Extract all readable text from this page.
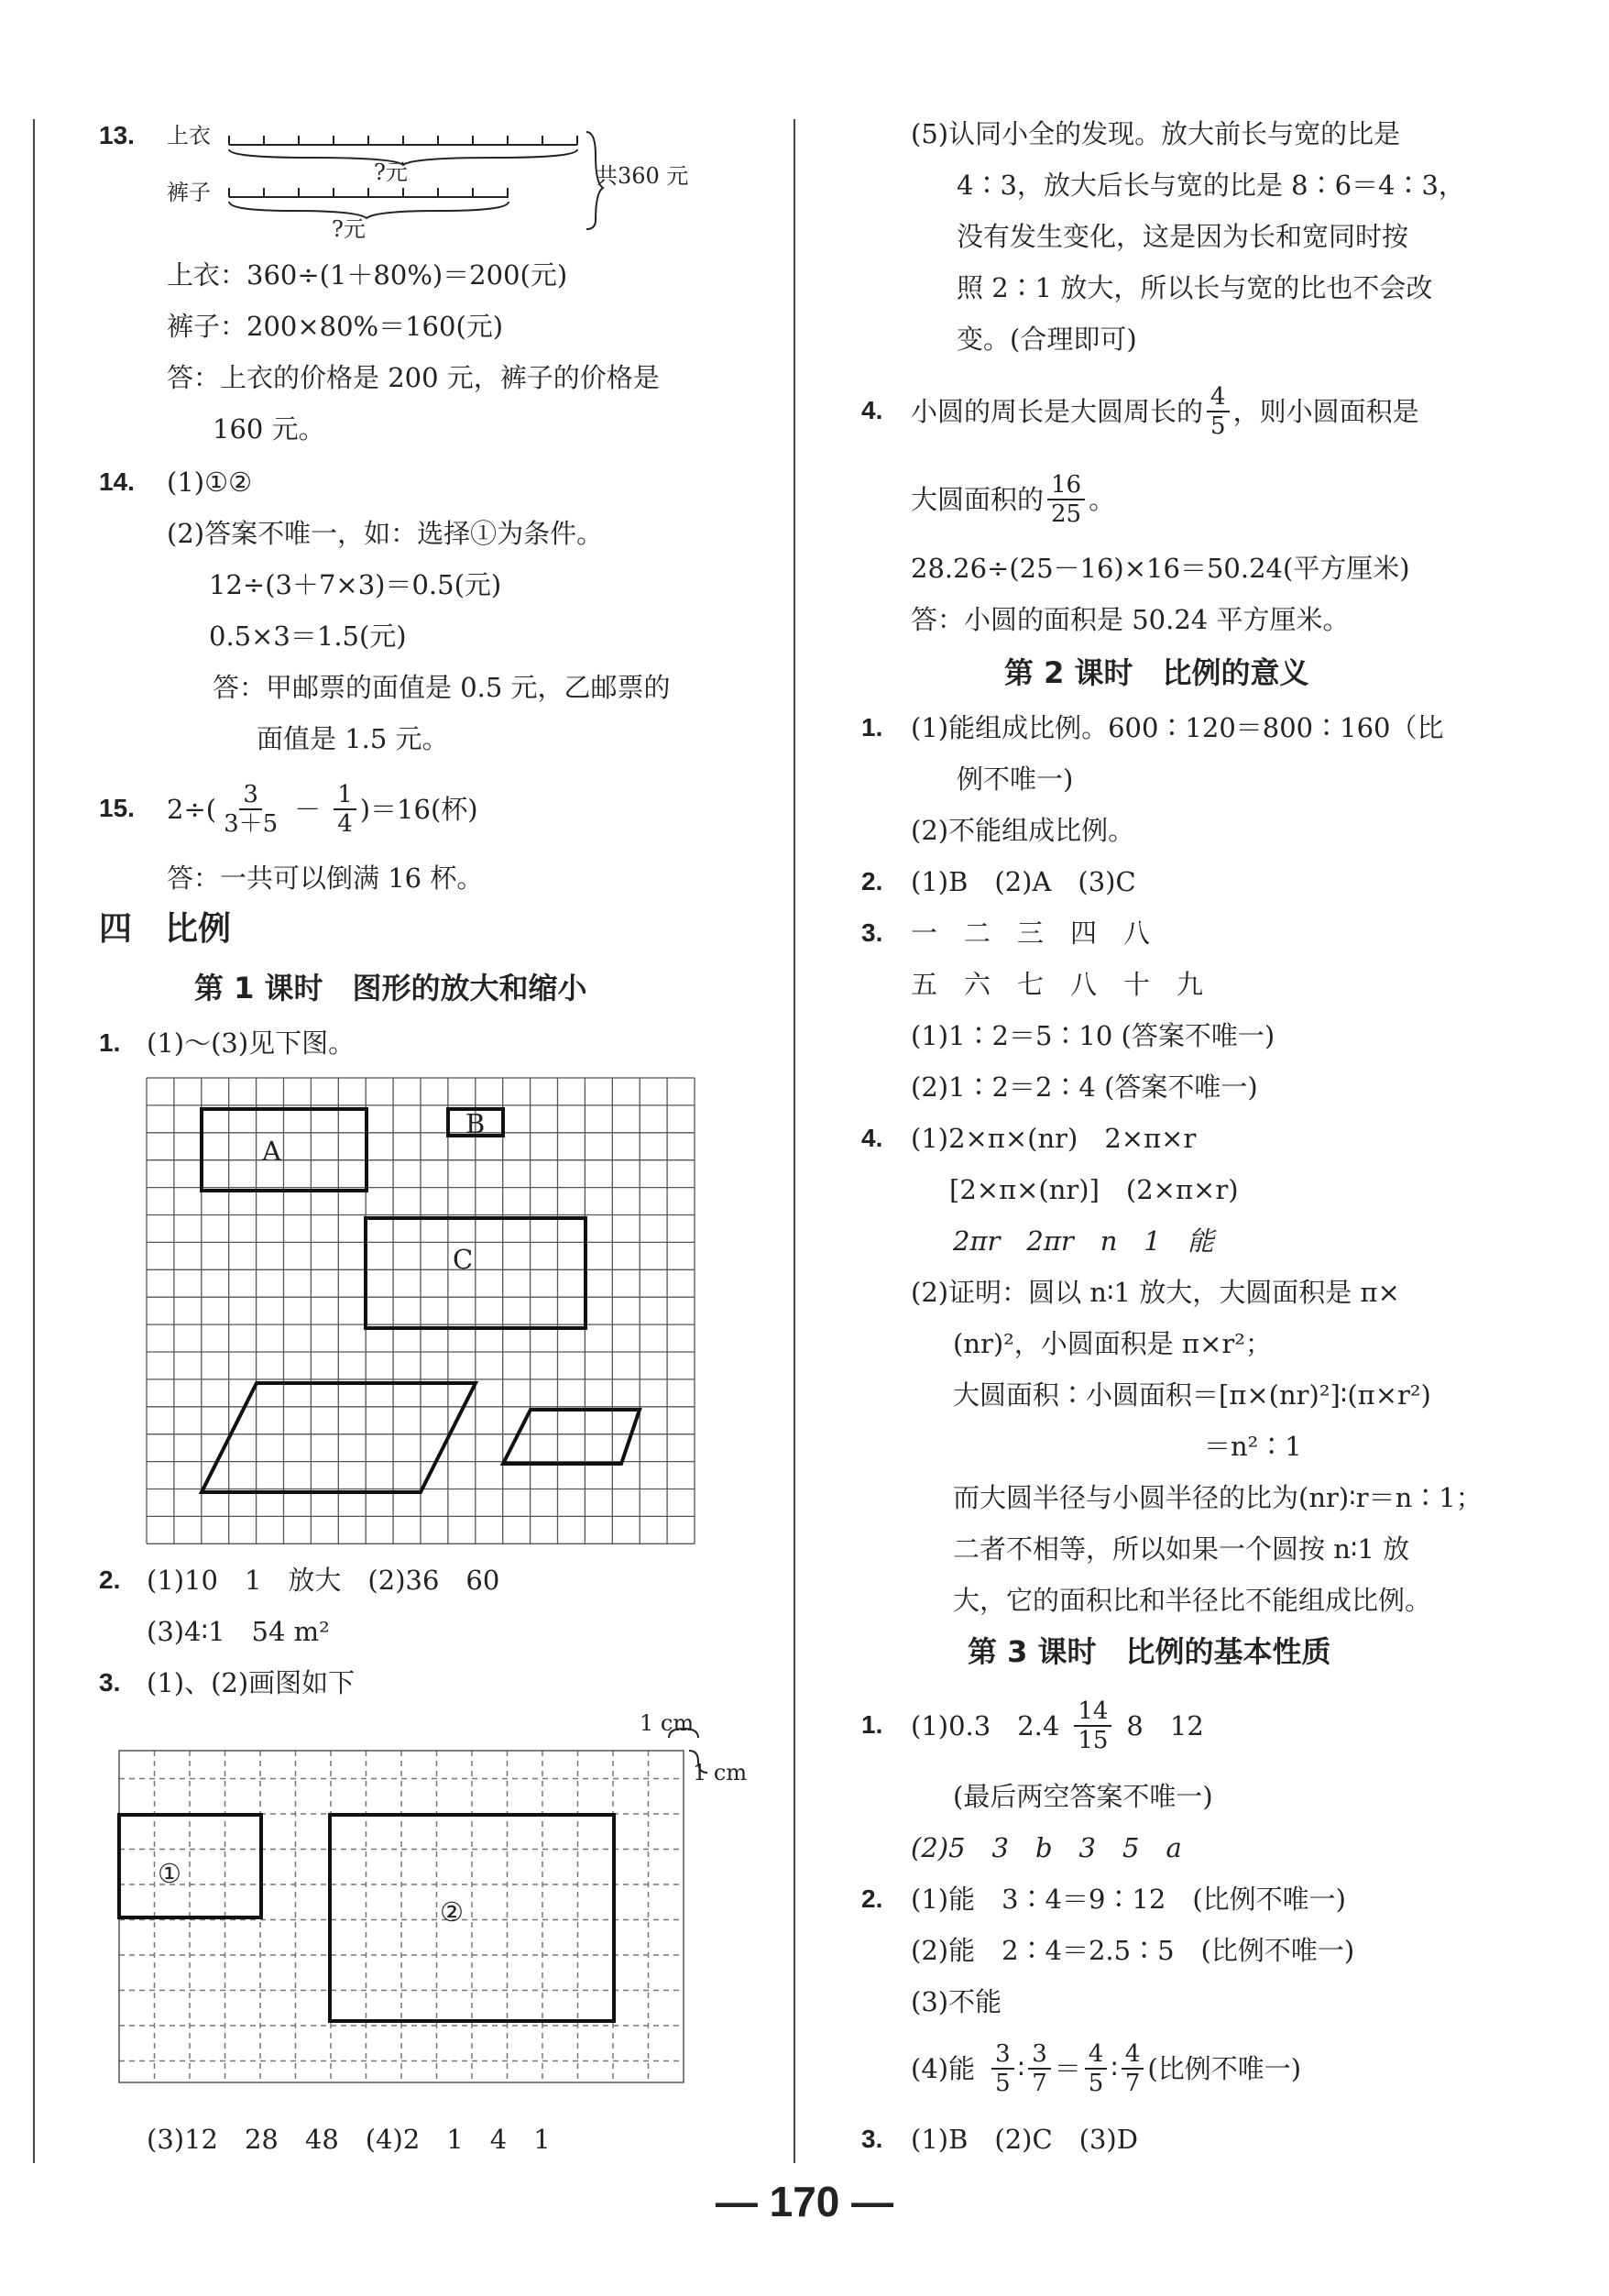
13. 上衣
裤子
?元
?元
共360 元
上衣：360÷(1＋80%)＝200(元)
裤子：200×80%＝160(元)
答：上衣的价格是 200 元，裤子的价格是
160 元。
14. (1)①②
(2)答案不唯一，如：选择①为条件。
12÷(3＋7×3)＝0.5(元)
0.5×3＝1.5(元)
答：甲邮票的面值是 0.5 元，乙邮票的
面值是 1.5 元。
15. $2\div( \frac{3}{3+5} - \frac{1}{4} )=16$(杯)
答：一共可以倒满 16 杯。
四　比例
第 1 课时　图形的放大和缩小
1. (1)～(3)见下图。
A
B
C
2. (1)10　1　放大　(2)36　60
(3)4∶1　54 m²
3. (1)、(2)画图如下
1 cm
1 cm
①
②
(3)12　28　48　(4)2　1　4　1
(5)认同小全的发现。放大前长与宽的比是
4∶3，放大后长与宽的比是 8∶6＝4∶3，
没有发生变化，这是因为长和宽同时按
照 2∶1 放大，所以长与宽的比也不会改
变。(合理即可)
4. 小圆的周长是大圆周长的 $\frac{4}{5}$ ，则小圆面积是
大圆面积的 $\frac{16}{25}$ 。
28.26÷(25－16)×16＝50.24(平方厘米)
答：小圆的面积是 50.24 平方厘米。
第 2 课时　比例的意义
1. (1)能组成比例。600∶120＝800∶160（比
例不唯一)
(2)不能组成比例。
2. (1)B　(2)A　(3)C
3. 一　二　三　四　八
五　六　七　八　十　九
(1)1∶2＝5∶10 (答案不唯一)
(2)1∶2＝2∶4 (答案不唯一)
4. (1)2×π×(nr)　2×π×r
[2×π×(nr)]　(2×π×r)
2πr　2πr　n　1　能
(2)证明：圆以 n∶1 放大，大圆面积是 π×
(nr)²，小圆面积是 π×r²；
大圆面积∶小圆面积＝[π×(nr)²]∶(π×r²)
＝n²∶1
而大圆半径与小圆半径的比为(nr)∶r＝n∶1；
二者不相等，所以如果一个圆按 n∶1 放
大，它的面积比和半径比不能组成比例。
第 3 课时　比例的基本性质
1. (1)0.3　$2.4 \frac{14}{15} 8$　12
(最后两空答案不唯一)
(2)5　3　b　3　5　a
2. (1)能　3∶4＝9∶12　(比例不唯一)
(2)能　2∶4＝2.5∶5　(比例不唯一)
(3)不能
(4)能 $\frac{3}{5}$ ∶ $\frac{3}{7} = \frac{4}{5}$ ∶ $\frac{4}{7}$ (比例不唯一)
3. (1)B　(2)C　(3)D
— 170 —
